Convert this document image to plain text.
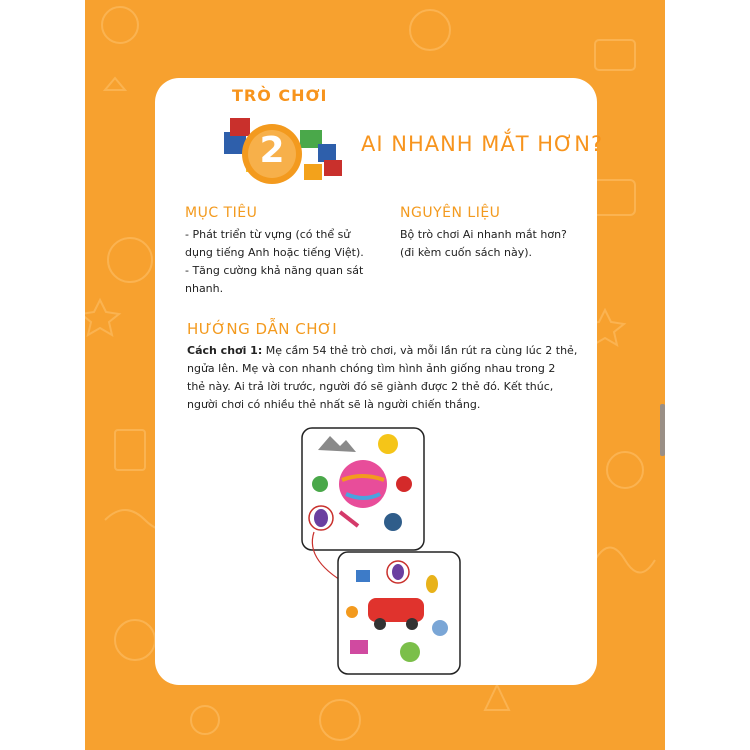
2
TRÒ CHƠI
AI NHANH MẮT HƠN?
MỤC TIÊU
- Phát triển từ vựng (có thể sử
dụng tiếng Anh hoặc tiếng Việt).
- Tăng cường khả năng quan sát
nhanh.
NGUYÊN LIỆU
Bộ trò chơi Ai nhanh mắt hơn?
(đi kèm cuốn sách này).
HƯỚNG DẪN CHƠI
Cách chơi 1: Mẹ cầm 54 thẻ trò chơi, và mỗi lần rút ra cùng lúc 2 thẻ,
ngửa lên. Mẹ và con nhanh chóng tìm hình ảnh giống nhau trong 2
thẻ này. Ai trả lời trước, người đó sẽ giành được 2 thẻ đó. Kết thúc,
người chơi có nhiều thẻ nhất sẽ là người chiến thắng.
